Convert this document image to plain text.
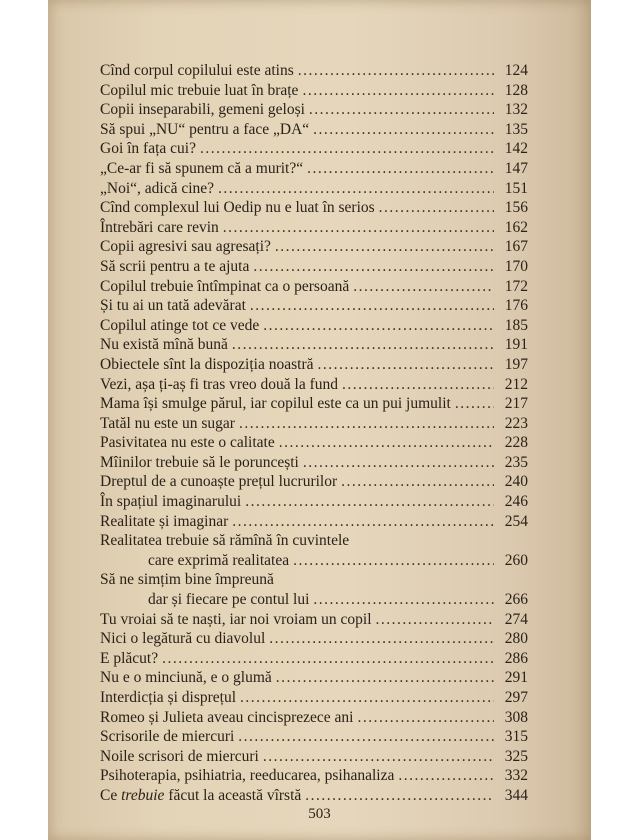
503
Cînd corpul copilului este atins .....	124
Copilul mic trebuie luat în brațe .....	128
Copii inseparabili, gemeni geloși .....	132
Să spui „NU“ pentru a face „DA“ .....	135
Goi în fața cui? .....	142
„Ce-ar fi să spunem că a murit?“ .....	147
„Noi“, adică cine? .....	151
Cînd complexul lui Oedip nu e luat în serios .....	156
Întrebări care revin .....	162
Copii agresivi sau agresați? .....	167
Să scrii pentru a te ajuta .....	170
Copilul trebuie întîmpinat ca o persoană .....	172
Și tu ai un tată adevărat .....	176
Copilul atinge tot ce vede .....	185
Nu există mînă bună .....	191
Obiectele sînt la dispoziția noastră .....	197
Vezi, așa ți-aș fi tras vreo două la fund .....	212
Mama își smulge părul, iar copilul este ca un pui jumulit .....	217
Tatăl nu este un sugar .....	223
Pasivitatea nu este o calitate .....	228
Mîinilor trebuie să le poruncești .....	235
Dreptul de a cunoaște prețul lucrurilor .....	240
În spațiul imaginarului .....	246
Realitate și imaginar .....	254
Realitatea trebuie să rămînă în cuvintele
care exprimă realitatea .....	260
Să ne simțim bine împreună
dar și fiecare pe contul lui .....	266
Tu vroiai să te naști, iar noi vroiam un copil .....	274
Nici o legătură cu diavolul .....	280
E plăcut? .....	286
Nu e o minciună, e o glumă .....	291
Interdicția și disprețul .....	297
Romeo și Julieta aveau cincisprezece ani .....	308
Scrisorile de miercuri .....	315
Noile scrisori de miercuri .....	325
Psihoterapia, psihiatria, reeducarea, psihanaliza .....	332
Ce trebuie făcut la această vîrstă .....	344
